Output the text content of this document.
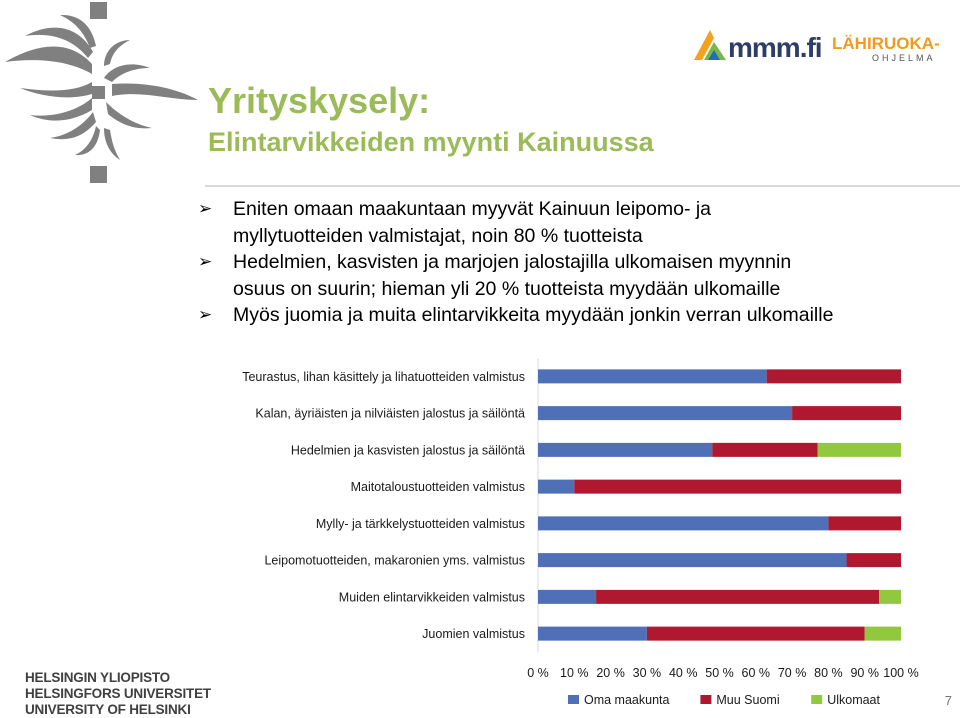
mmm.fi LÄHIRUOKA-
OHJELMA
Yrityskysely:
Elintarvikkeiden myynti Kainuussa
➢ Eniten omaan maakuntaan myyvät Kainuun leipomo- ja
myllytuotteiden valmistajat, noin 80 % tuotteista
➢ Hedelmien, kasvisten ja marjojen jalostajilla ulkomaisen myynnin
osuus on suurin; hieman yli 20 % tuotteista myydään ulkomaille
➢ Myös juomia ja muita elintarvikkeita myydään jonkin verran ulkomaille
Teurastus, lihan käsittely ja lihatuotteiden valmistus
Kalan, äyriäisten ja nilviäisten jalostus ja säilöntä
Hedelmien ja kasvisten jalostus ja säilöntä
Maitotaloustuotteiden valmistus
Mylly- ja tärkkelystuotteiden valmistus
Leipomotuotteiden, makaronien yms. valmistus
Muiden elintarvikkeiden valmistus
Juomien valmistus
0 % 10 % 20 % 30 % 40 % 50 % 60 % 70 % 80 % 90 % 100 %
Oma maakunta	Muu Suomi	Ulkomaat
HELSINGIN YLIOPISTO
HELSINGFORS UNIVERSITET
UNIVERSITY OF HELSINKI
7
